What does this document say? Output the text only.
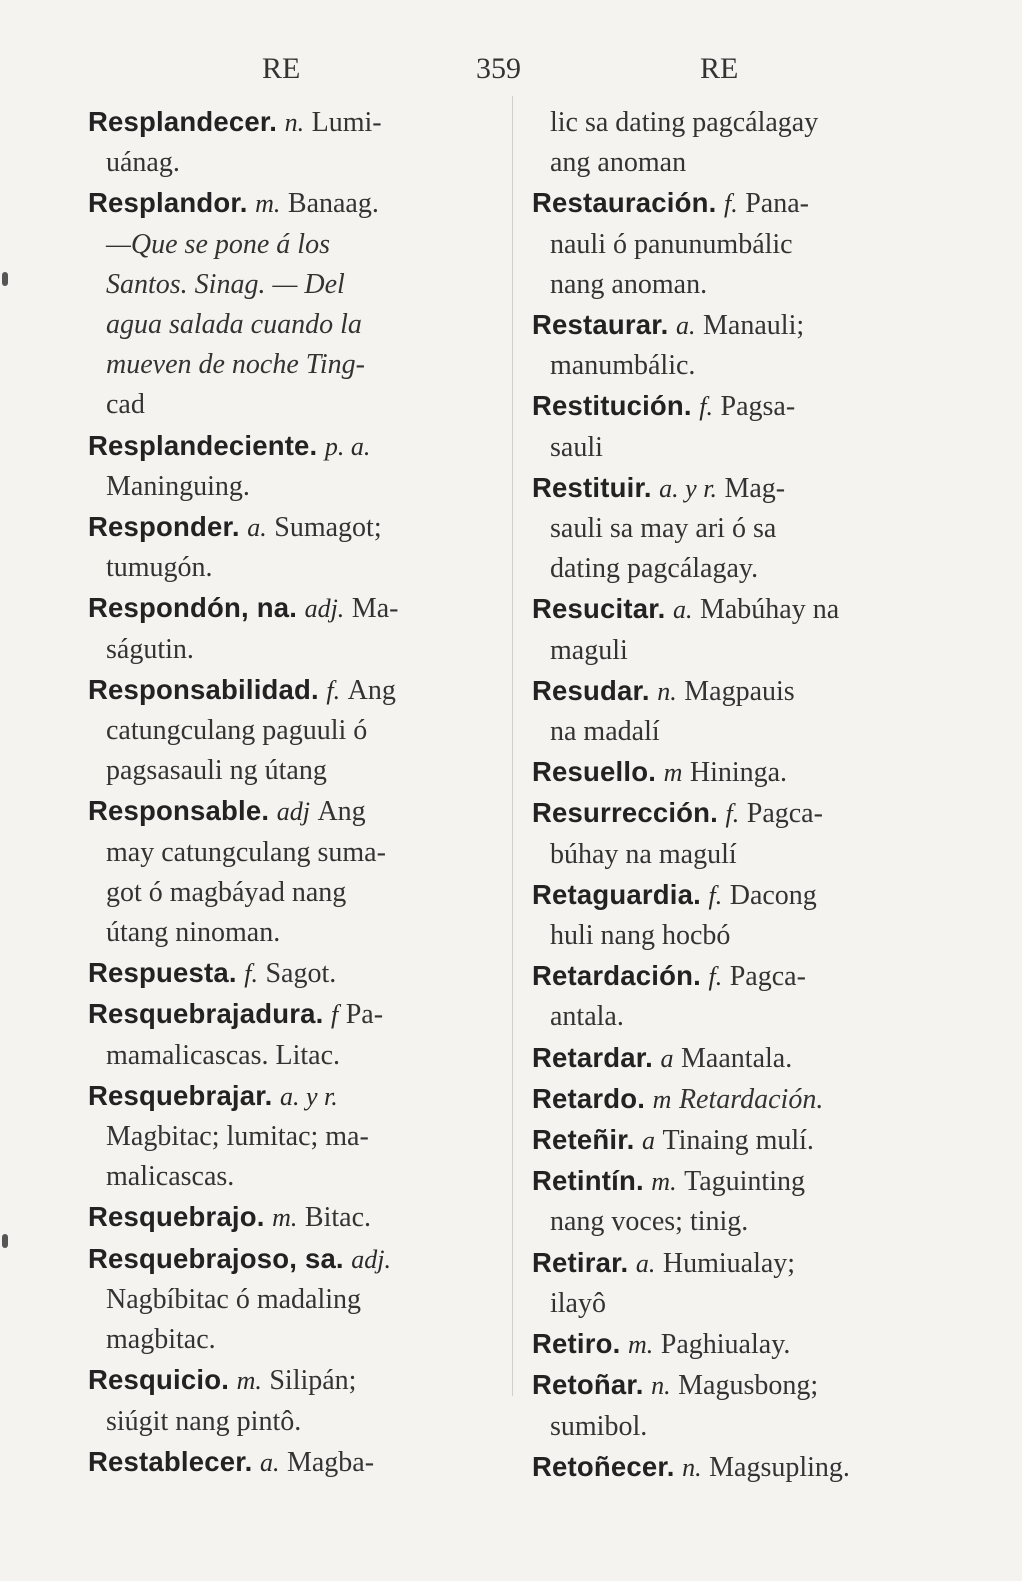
RE	359	RE
Resplandecer. n. Lumi-
uánag.
Resplandor. m. Banaag.
—Que se pone á los
Santos. Sinag. — Del
agua salada cuando la
mueven de noche Ting-
cad
Resplandeciente. p. a.
Maninguing.
Responder. a. Sumagot;
tumugón.
Respondón, na. adj. Ma-
ságutin.
Responsabilidad. f. Ang
catungculang paguuli ó
pagsasauli ng útang
Responsable. adj Ang
may catungculang suma-
got ó magbáyad nang
útang ninoman.
Respuesta. f. Sagot.
Resquebrajadura. f Pa-
mamalicascas. Litac.
Resquebrajar. a. y r.
Magbitac; lumitac; ma-
malicascas.
Resquebrajo. m. Bitac.
Resquebrajoso, sa. adj.
Nagbíbitac ó madaling
magbitac.
Resquicio. m. Silipán;
siúgit nang pintô.
Restablecer. a. Magba-
lic sa dating pagcálagay
ang anoman
Restauración. f. Pana-
nauli ó panunumbálic
nang anoman.
Restaurar. a. Manauli;
manumbálic.
Restitución. f. Pagsa-
sauli
Restituir. a. y r. Mag-
sauli sa may ari ó sa
dating pagcálagay.
Resucitar. a. Mabúhay na
maguli
Resudar. n. Magpauis
na madalí
Resuello. m Hininga.
Resurrección. f. Pagca-
búhay na magulí
Retaguardia. f. Dacong
huli nang hocbó
Retardación. f. Pagca-
antala.
Retardar. a Maantala.
Retardo. m Retardación.
Reteñir. a Tinaing mulí.
Retintín. m. Taguinting
nang voces; tinig.
Retirar. a. Humiualay;
ilayô
Retiro. m. Paghiualay.
Retoñar. n. Magusbong;
sumibol.
Retoñecer. n. Magsupling.
